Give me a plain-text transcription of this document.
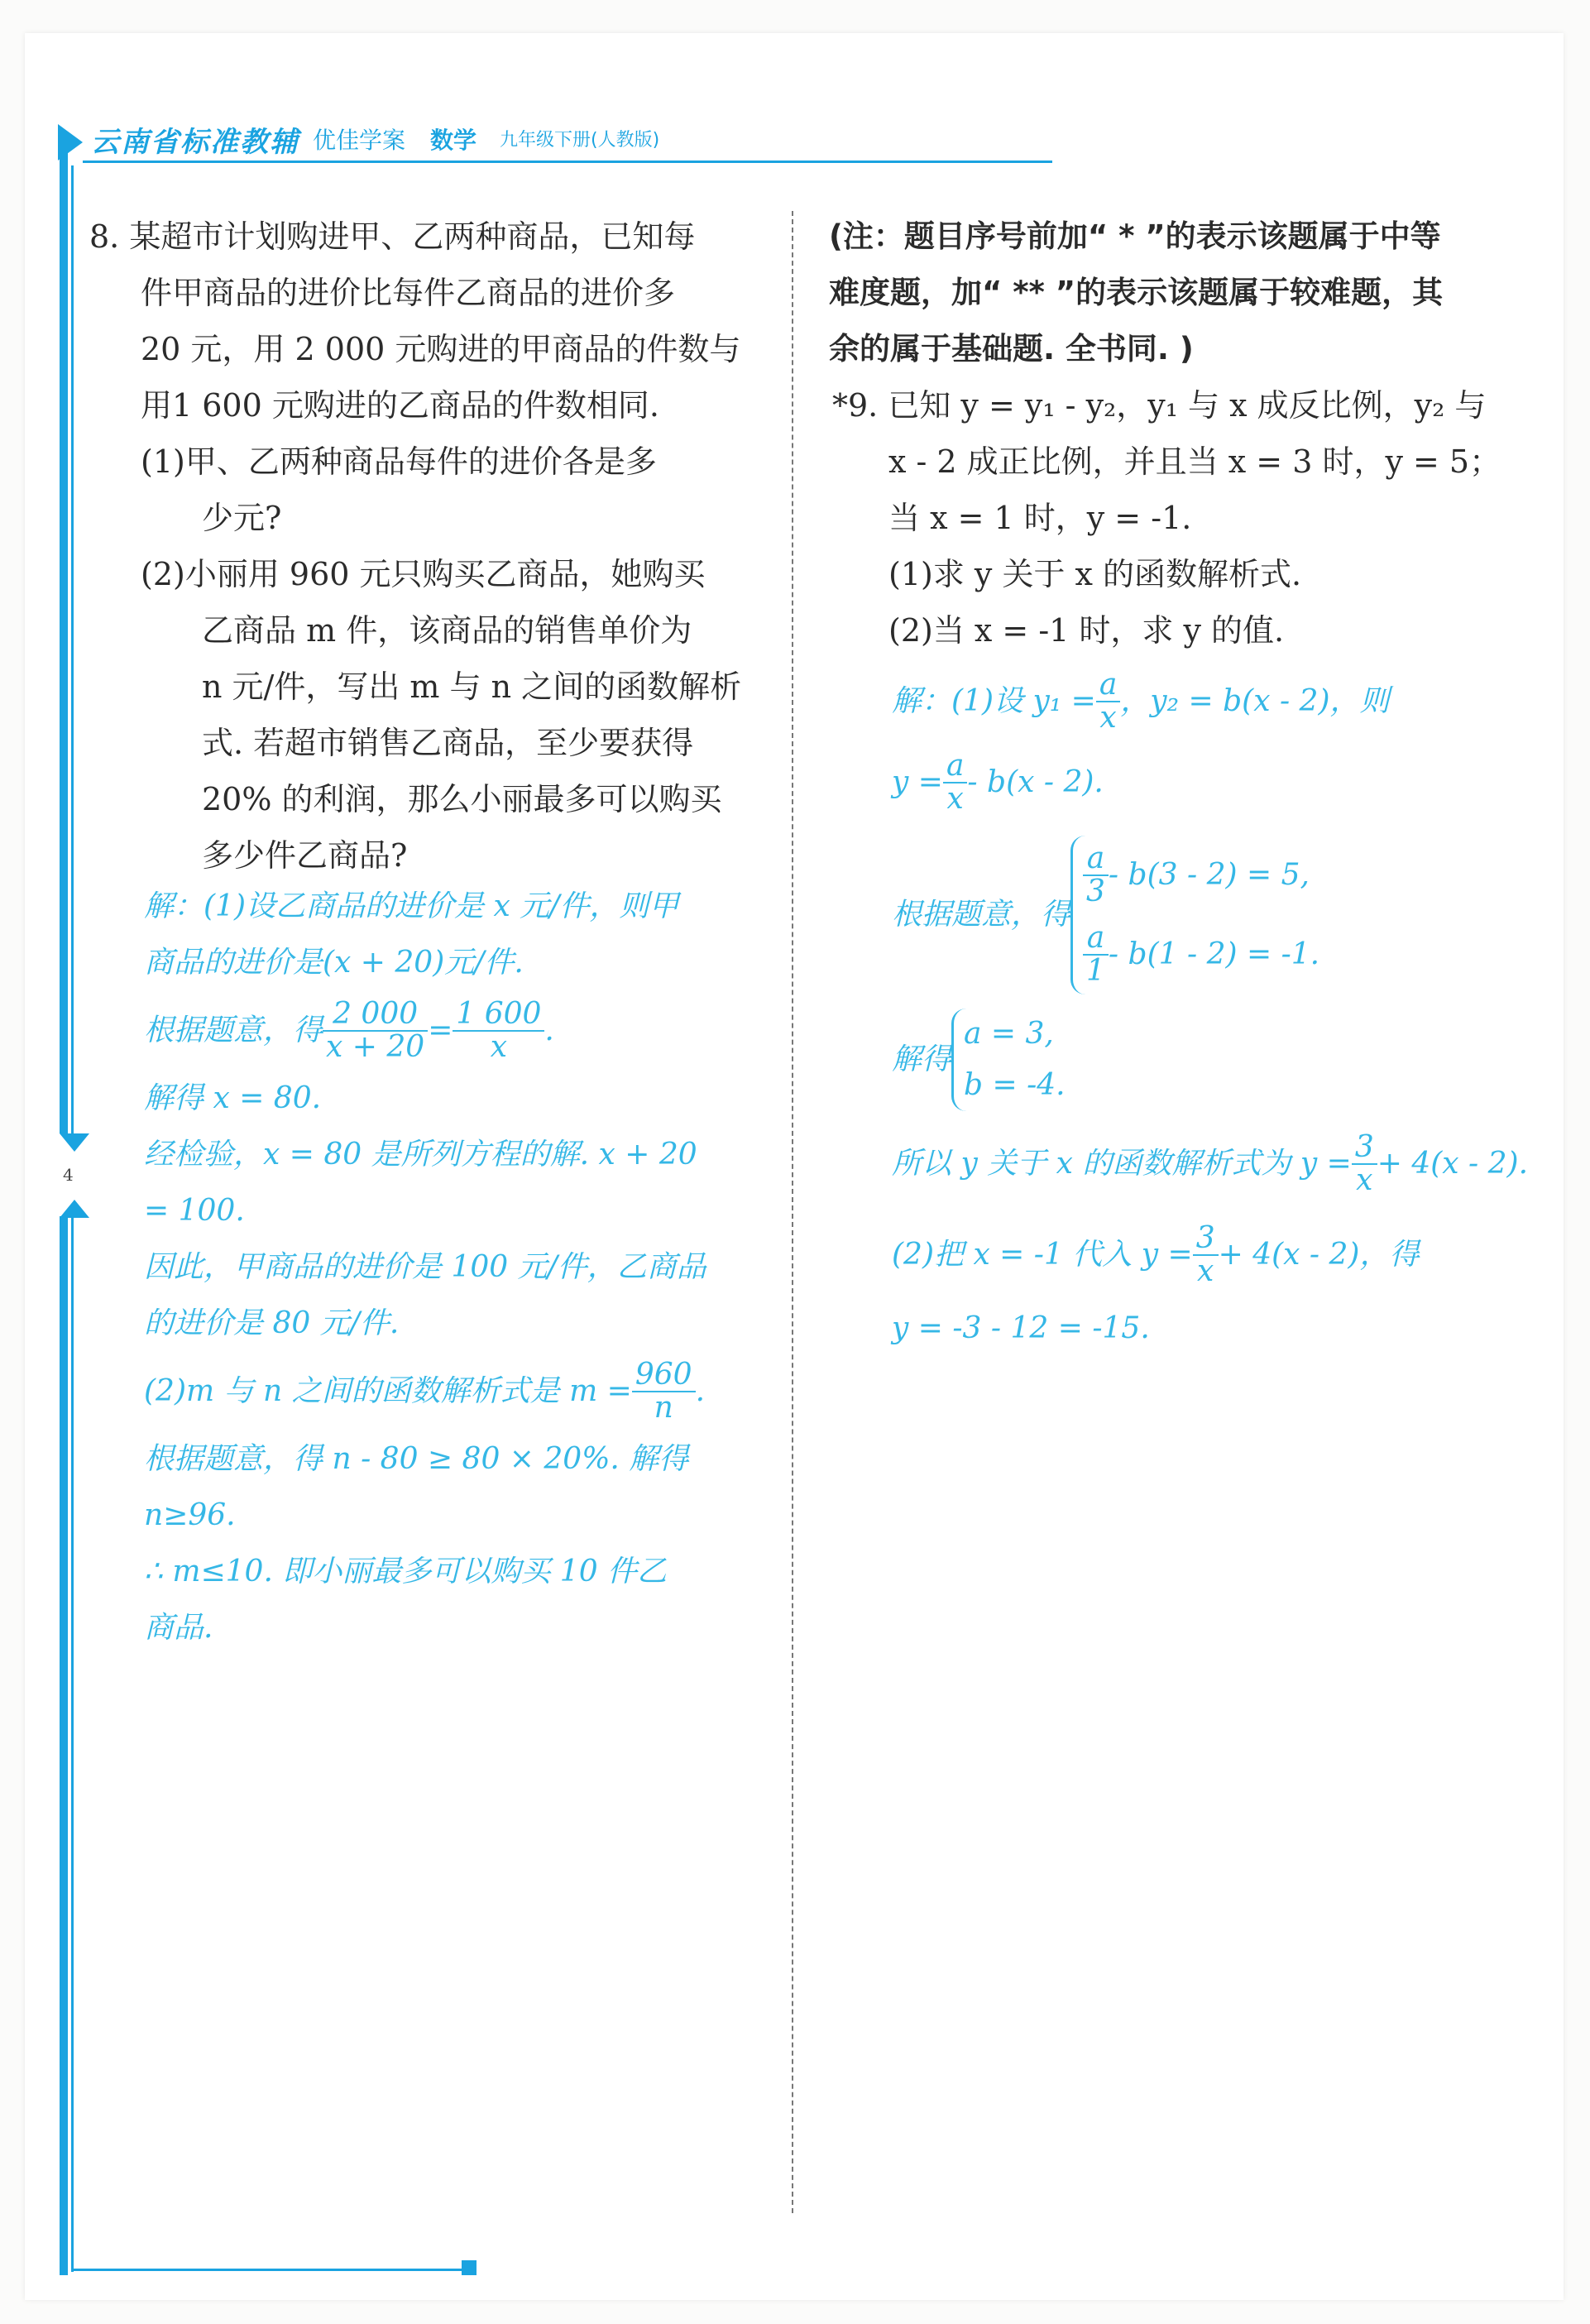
云南省标准教辅 优佳学案 数学 九年级下册(人教版)
4
8. 某超市计划购进甲、乙两种商品，已知每
件甲商品的进价比每件乙商品的进价多
20 元，用 2 000 元购进的甲商品的件数与
用1 600 元购进的乙商品的件数相同.
(1)甲、乙两种商品每件的进价各是多
少元?
(2)小丽用 960 元只购买乙商品，她购买
乙商品 m 件，该商品的销售单价为
n 元/件，写出 m 与 n 之间的函数解析
式. 若超市销售乙商品，至少要获得
20% 的利润，那么小丽最多可以购买
多少件乙商品?
解：(1)设乙商品的进价是 x 元/件，则甲
商品的进价是(x + 20)元/件.
根据题意，得 $\frac{2 000}{x + 20} = \frac{1 600}{x}$ .
解得 x = 80.
经检验，x = 80 是所列方程的解. x + 20
= 100.
因此，甲商品的进价是 100 元/件，乙商品
的进价是 80 元/件.
(2)m 与 n 之间的函数解析式是 $m = \frac{960}{n}$ .
根据题意，得 n - 80 ≥ 80 × 20%. 解得
n≥96.
∴ m≤10. 即小丽最多可以购买 10 件乙
商品.
(注：题目序号前加“ * ”的表示该题属于中等
难度题，加“ ** ”的表示该题属于较难题，其
余的属于基础题. 全书同. )
*9. 已知 y = y₁ - y₂，y₁ 与 x 成反比例，y₂ 与
x - 2 成正比例，并且当 x = 3 时，y = 5；
当 x = 1 时，y = -1.
(1)求 y 关于 x 的函数解析式.
(2)当 x = -1 时，求 y 的值.
解：(1)设 $y_1 = \frac{a}{x}$ ，y₂ = b(x - 2)，则
$y = \frac{a}{x} - b(x - 2)$.
根据题意，得
$\frac{a}{3} - b(3 - 2) = 5$,
$\frac{a}{1} - b(1 - 2) = -1$.
解得
a = 3,
b = -4.
所以 y 关于 x 的函数解析式为 $y = \frac{3}{x} + 4(x - 2)$.
(2)把 x = -1 代入 $y = \frac{3}{x} + 4(x - 2)$，得
y = -3 - 12 = -15.
